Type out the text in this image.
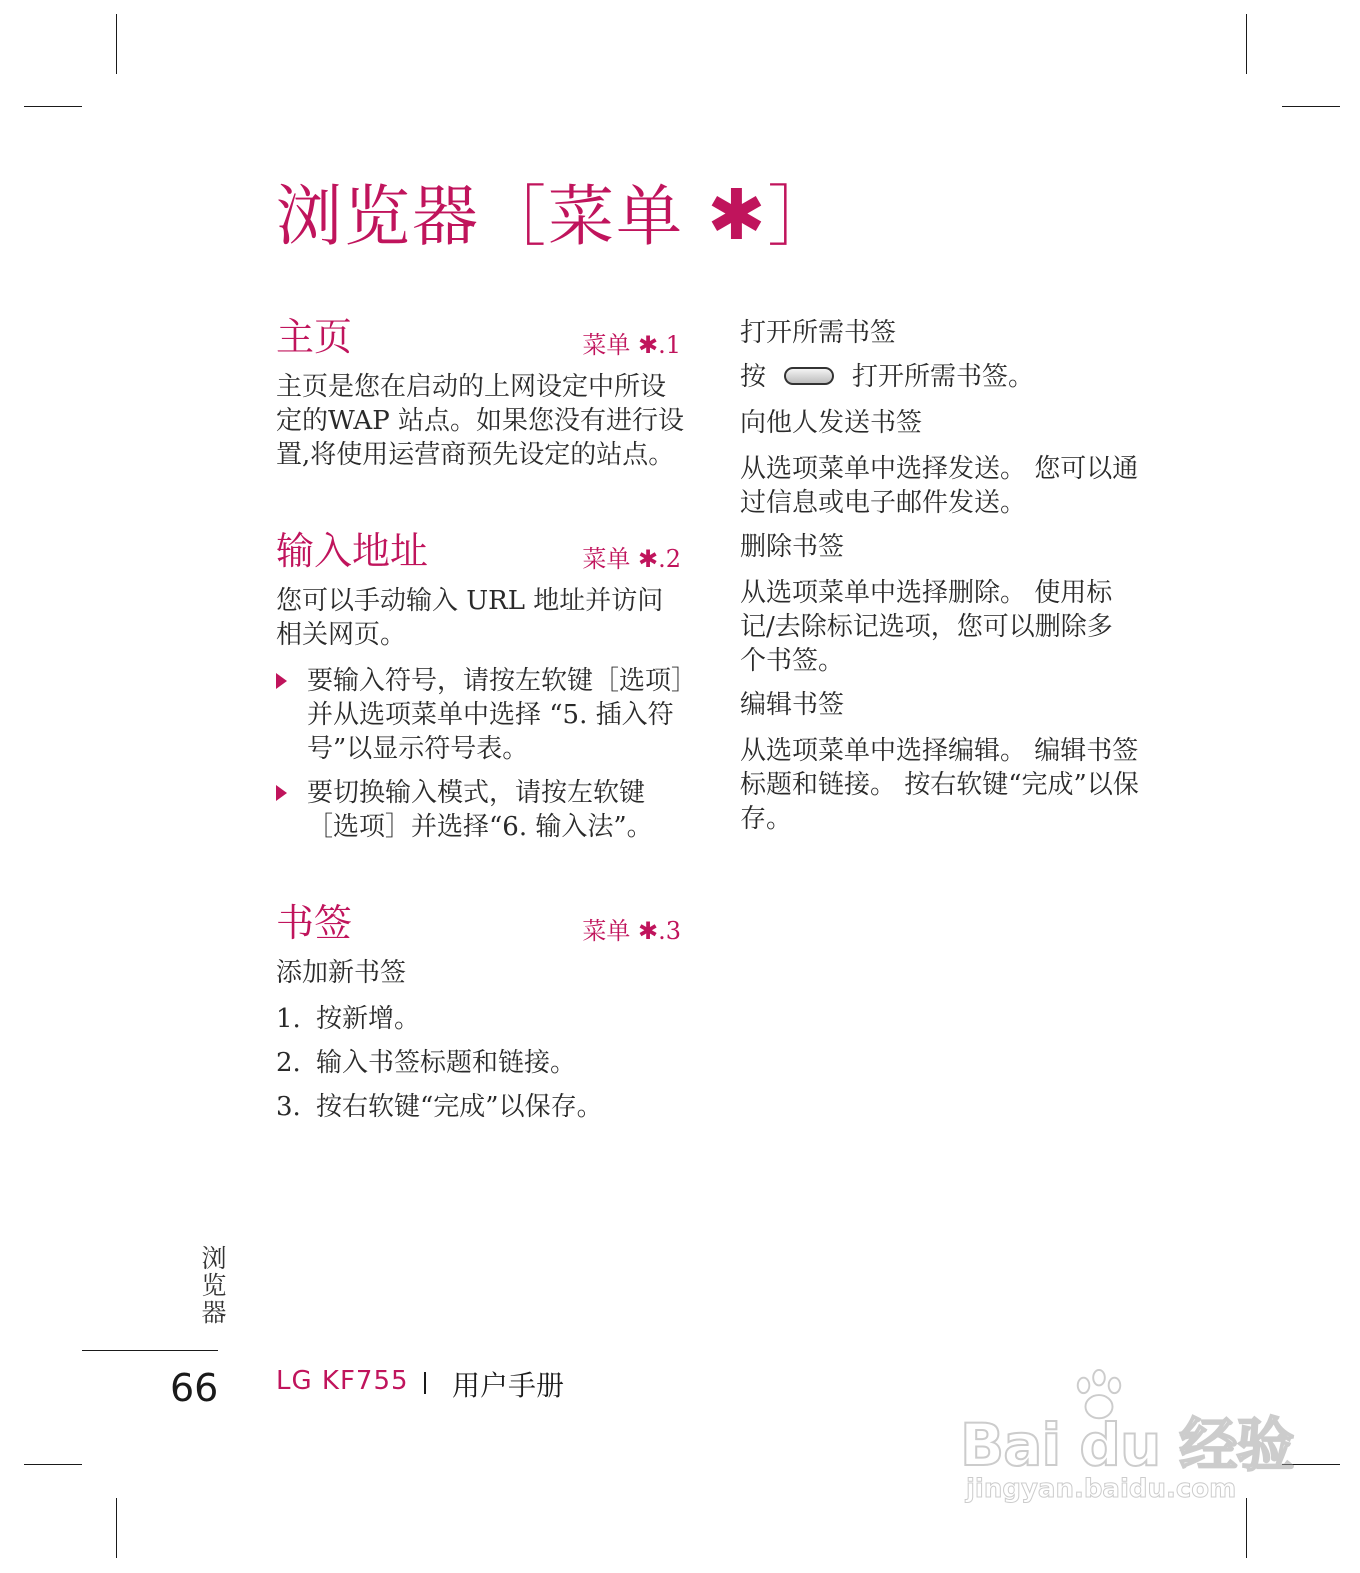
浏览器［菜单 ✱］
主页	菜单 ✱.1

主页是您在启动的上网设定中所设定的WAP 站点。如果您没有进行设置,将使用运营商预先设定的站点。

输入地址	菜单 ✱.2

您可以手动输入 URL 地址并访问相关网页。

要输入符号，请按左软键［选项］并从选项菜单中选择 “5. 插入符号”以显示符号表。
要切换输入模式，请按左软键［选项］并选择“6. 输入法”。
书签	菜单 ✱.3
添加新书签
1. 按新增。
2. 输入书签标题和链接。
3. 按右软键“完成”以保存。
打开所需书签
按	打开所需书签。
向他人发送书签

从选项菜单中选择发送。 您可以通过信息或电子邮件发送。

删除书签

从选项菜单中选择删除。 使用标记/去除标记选项，您可以删除多个书签。

编辑书签

从选项菜单中选择编辑。 编辑书签标题和链接。 按右软键“完成”以保存。

浏览器
66 LG KF755 用户手册
Bai du 经验
jingyan.baidu.com
